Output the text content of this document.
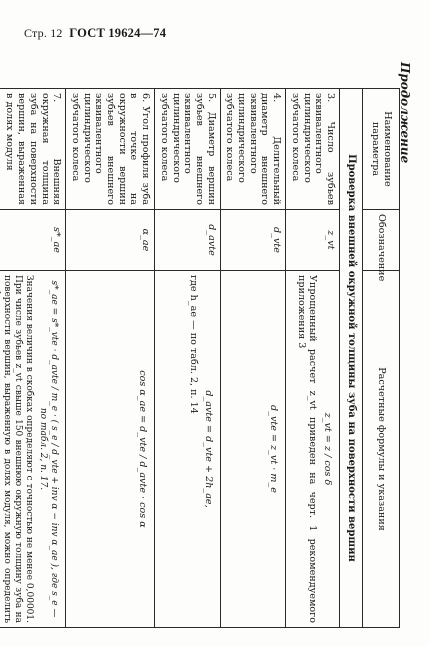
Стр. 12 ГОСТ 19624—74
Продолжение
Наименование параметра	Обозначение	Расчетные формулы и указания
Проверка внешней окружной толщины зуба на поверхности вершин		
3. Число зубьев эквивалентного цилиндрического зубчатого колеса	z_vt	z_vt = z / cos δ
Упрощенный расчет z_vt приведен на черт. 1 рекомендуемого приложения 3

4. Делительный диаметр внешнего эквивалентного цилиндрического зубчатого колеса	d_vte	d_vte = z_vt · m_e

5. Диаметр вершин зубьев внешнего эквивалентного цилиндрического зубчатого колеса	d_avte	d_avte = d_vte + 2h_ae,
где h_ae — по табл. 2, п. 14

6. Угол профиля зуба в точке на окружности вершин зубьев внешнего эквивалентного цилиндрического зубчатого колеса	α_ae	cos α_ae = d_vte / d_avte · cos α

7. Внешняя окружная толщина зуба на поверхности вершин, выраженная в долях модуля	s*_ae	s*_ae = s*_vte · d_avte / m_e · ( s_e / d_vte + inv α − inv α_ae ), где s_e — по табл. 2, п. 17.
Значения величин в скобках определяют с точностью не менее 0,00001. При числе зубьев z_vt свыше 150 внешнюю окружную толщину зуба на поверхности вершин, выраженную в долях модуля, можно определить
